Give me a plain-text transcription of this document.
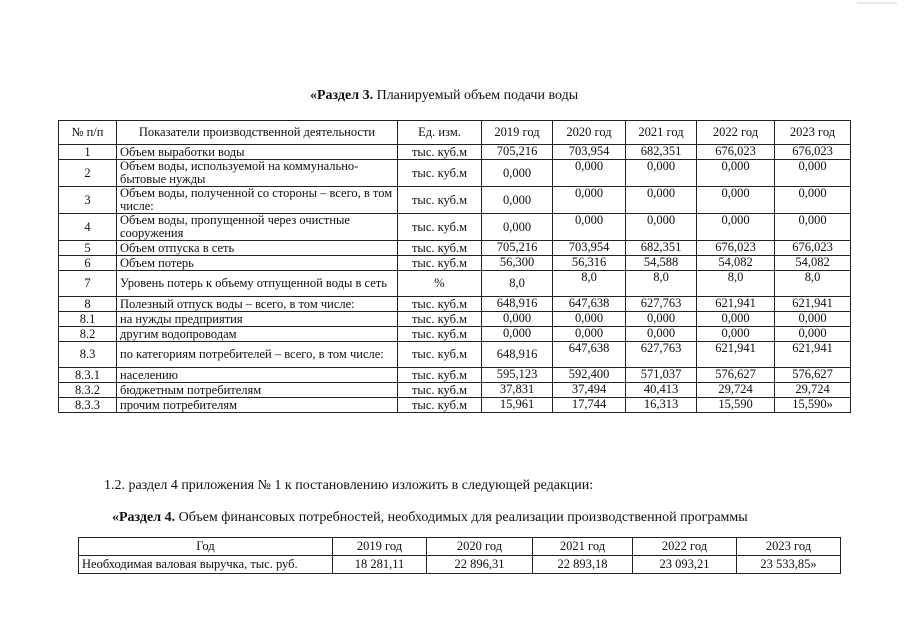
«Раздел 3. Планируемый объем подачи воды
№ п/п	Показатели производственной деятельности	Ед. изм.	2019 год	2020 год	2021 год	2022 год	2023 год
1	Объем выработки воды	тыс. куб.м	705,216	703,954	682,351	676,023	676,023
2	Объем воды, используемой на коммунально-бытовые нужды	тыс. куб.м	0,000	0,000	0,000	0,000	0,000
3	Объем воды, полученной со стороны – всего, в том числе:	тыс. куб.м	0,000	0,000	0,000	0,000	0,000
4	Объем воды, пропущенной через очистные сооружения	тыс. куб.м	0,000	0,000	0,000	0,000	0,000
5	Объем отпуска в сеть	тыс. куб.м	705,216	703,954	682,351	676,023	676,023
6	Объем потерь	тыс. куб.м	56,300	56,316	54,588	54,082	54,082
7	Уровень потерь к объему отпущенной воды в сеть	%	8,0	8,0	8,0	8,0	8,0
8	Полезный отпуск воды – всего, в том числе:	тыс. куб.м	648,916	647,638	627,763	621,941	621,941
8.1	на нужды предприятия	тыс. куб.м	0,000	0,000	0,000	0,000	0,000
8.2	другим водопроводам	тыс. куб.м	0,000	0,000	0,000	0,000	0,000
8.3	по категориям потребителей – всего, в том числе:	тыс. куб.м	648,916	647,638	627,763	621,941	621,941
8.3.1	населению	тыс. куб.м	595,123	592,400	571,037	576,627	576,627
8.3.2	бюджетным потребителям	тыс. куб.м	37,831	37,494	40,413	29,724	29,724
8.3.3	прочим потребителям	тыс. куб.м	15,961	17,744	16,313	15,590	15,590»
1.2. раздел 4 приложения № 1 к постановлению изложить в следующей редакции:
«Раздел 4. Объем финансовых потребностей, необходимых для реализации производственной программы
Год	2019 год	2020 год	2021 год	2022 год	2023 год
Необходимая валовая выручка, тыс. руб.	18 281,11	22 896,31	22 893,18	23 093,21	23 533,85»
